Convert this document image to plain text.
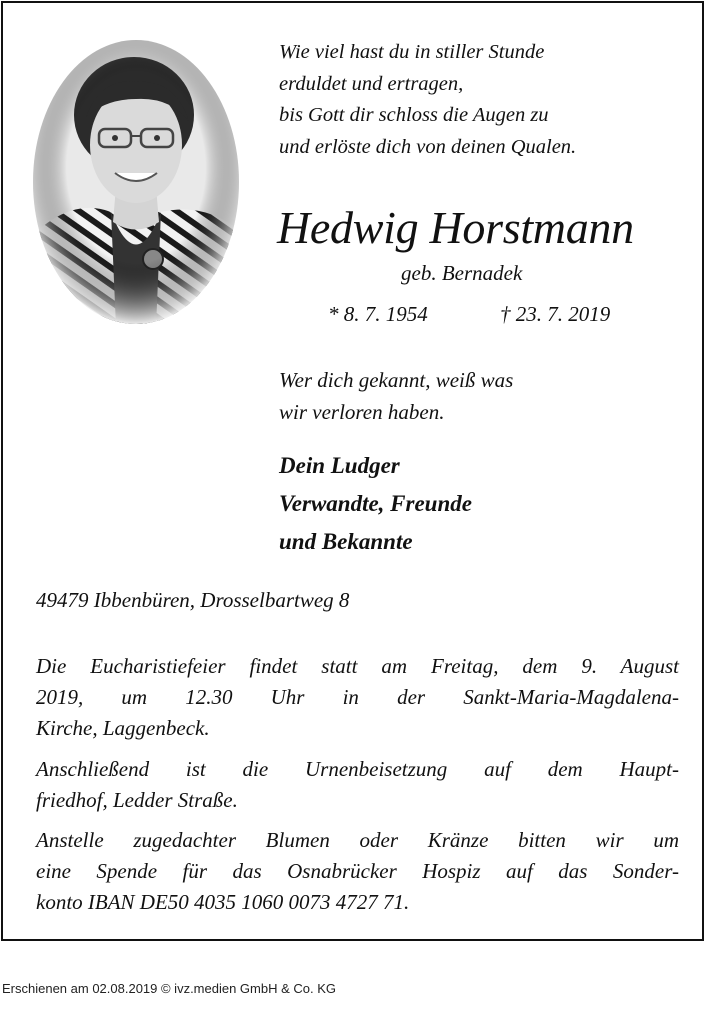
Wie viel hast du in stiller Stunde
erduldet und ertragen,
bis Gott dir schloss die Augen zu
und erlöste dich von deinen Qualen.
Hedwig Horstmann
geb. Bernadek
* 8. 7. 1954	† 23. 7. 2019
Wer dich gekannt, weiß was
wir verloren haben.
Dein Ludger
Verwandte, Freunde
und Bekannte
49479 Ibbenbüren, Drosselbartweg 8
Die Eucharistiefeier findet statt am Freitag, dem 9. August
2019, um 12.30 Uhr in der Sankt-Maria-Magdalena-
Kirche, Laggenbeck.
Anschließend ist die Urnenbeisetzung auf dem Haupt-
friedhof, Ledder Straße.
Anstelle zugedachter Blumen oder Kränze bitten wir um
eine Spende für das Osnabrücker Hospiz auf das Sonder-
konto IBAN DE50 4035 1060 0073 4727 71.
Erschienen am 02.08.2019 © ivz.medien GmbH & Co. KG
